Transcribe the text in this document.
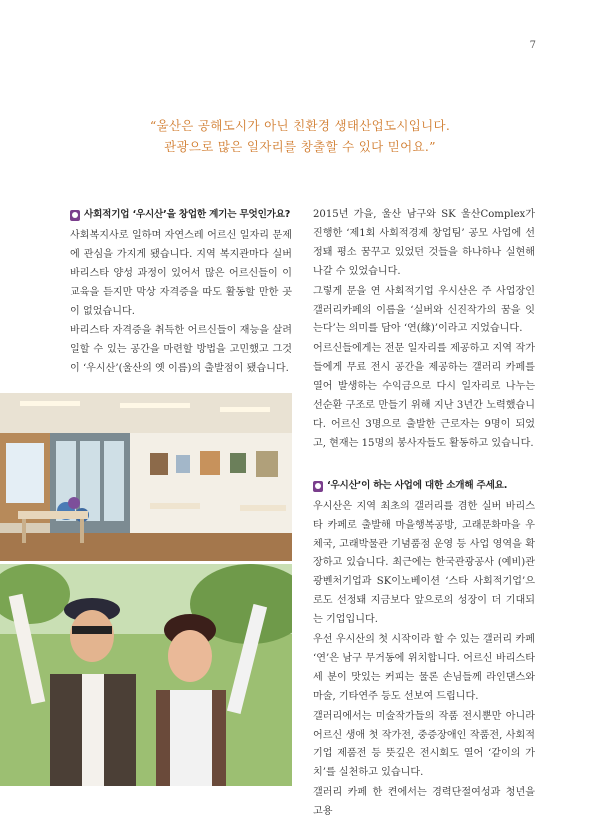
7
“울산은 공해도시가 아닌 친환경 생태산업도시입니다.
관광으로 많은 일자리를 창출할 수 있다 믿어요.”
사회적기업 ‘우시산’을 창업한 계기는 무엇인가요?

사회복지사로 일하며 자연스레 어르신 일자리 문제에 관심을 가지게 됐습니다. 지역 복지관마다 실버 바리스타 양성 과정이 있어서 많은 어르신들이 이 교육을 듣지만 막상 자격증을 따도 활동할 만한 곳이 없었습니다.

바리스타 자격증을 취득한 어르신들이 재능을 살려 일할 수 있는 공간을 마련할 방법을 고민했고 그것이 ‘우시산’(울산의 옛 이름)의 출발점이 됐습니다.

2015년 가을, 울산 남구와 SK 울산Complex가 진행한 ‘제1회 사회적경제 창업팀’ 공모 사업에 선정돼 평소 꿈꾸고 있었던 것들을 하나하나 실현해 나갈 수 있었습니다.

그렇게 문을 연 사회적기업 우시산은 주 사업장인 갤러리카페의 이름을 ‘실버와 신진작가의 꿈을 잇는다’는 의미를 담아 ‘연(緣)’이라고 지었습니다.

어르신들에게는 전문 일자리를 제공하고 지역 작가들에게 무료 전시 공간을 제공하는 갤러리 카페를 열어 발생하는 수익금으로 다시 일자리로 나누는 선순환 구조로 만들기 위해 지난 3년간 노력했습니다. 어르신 3명으로 출발한 근로자는 9명이 되었고, 현재는 15명의 봉사자들도 활동하고 있습니다.

‘우시산’이 하는 사업에 대한 소개해 주세요.

우시산은 지역 최초의 갤러리를 겸한 실버 바리스타 카페로 출발해 마을행복공방, 고래문화마을 우체국, 고래박물관 기념품점 운영 등 사업 영역을 확장하고 있습니다. 최근에는 한국관광공사 (예비)관광벤처기업과 SK이노베이션 ‘스타 사회적기업’으로도 선정돼 지금보다 앞으로의 성장이 더 기대되는 기업입니다.

우선 우시산의 첫 시작이라 할 수 있는 갤러리 카페 ‘연’은 남구 무거동에 위치합니다. 어르신 바리스타 세 분이 맛있는 커피는 물론 손님들께 라인댄스와 마술, 기타연주 등도 선보여 드립니다.

갤러리에서는 미술작가들의 작품 전시뿐만 아니라 어르신 생애 첫 작가전, 중증장애인 작품전, 사회적기업 제품전 등 뜻깊은 전시회도 열어 ‘같이의 가치’를 실천하고 있습니다.

갤러리 카페 한 켠에서는 경력단절여성과 청년을 고용
